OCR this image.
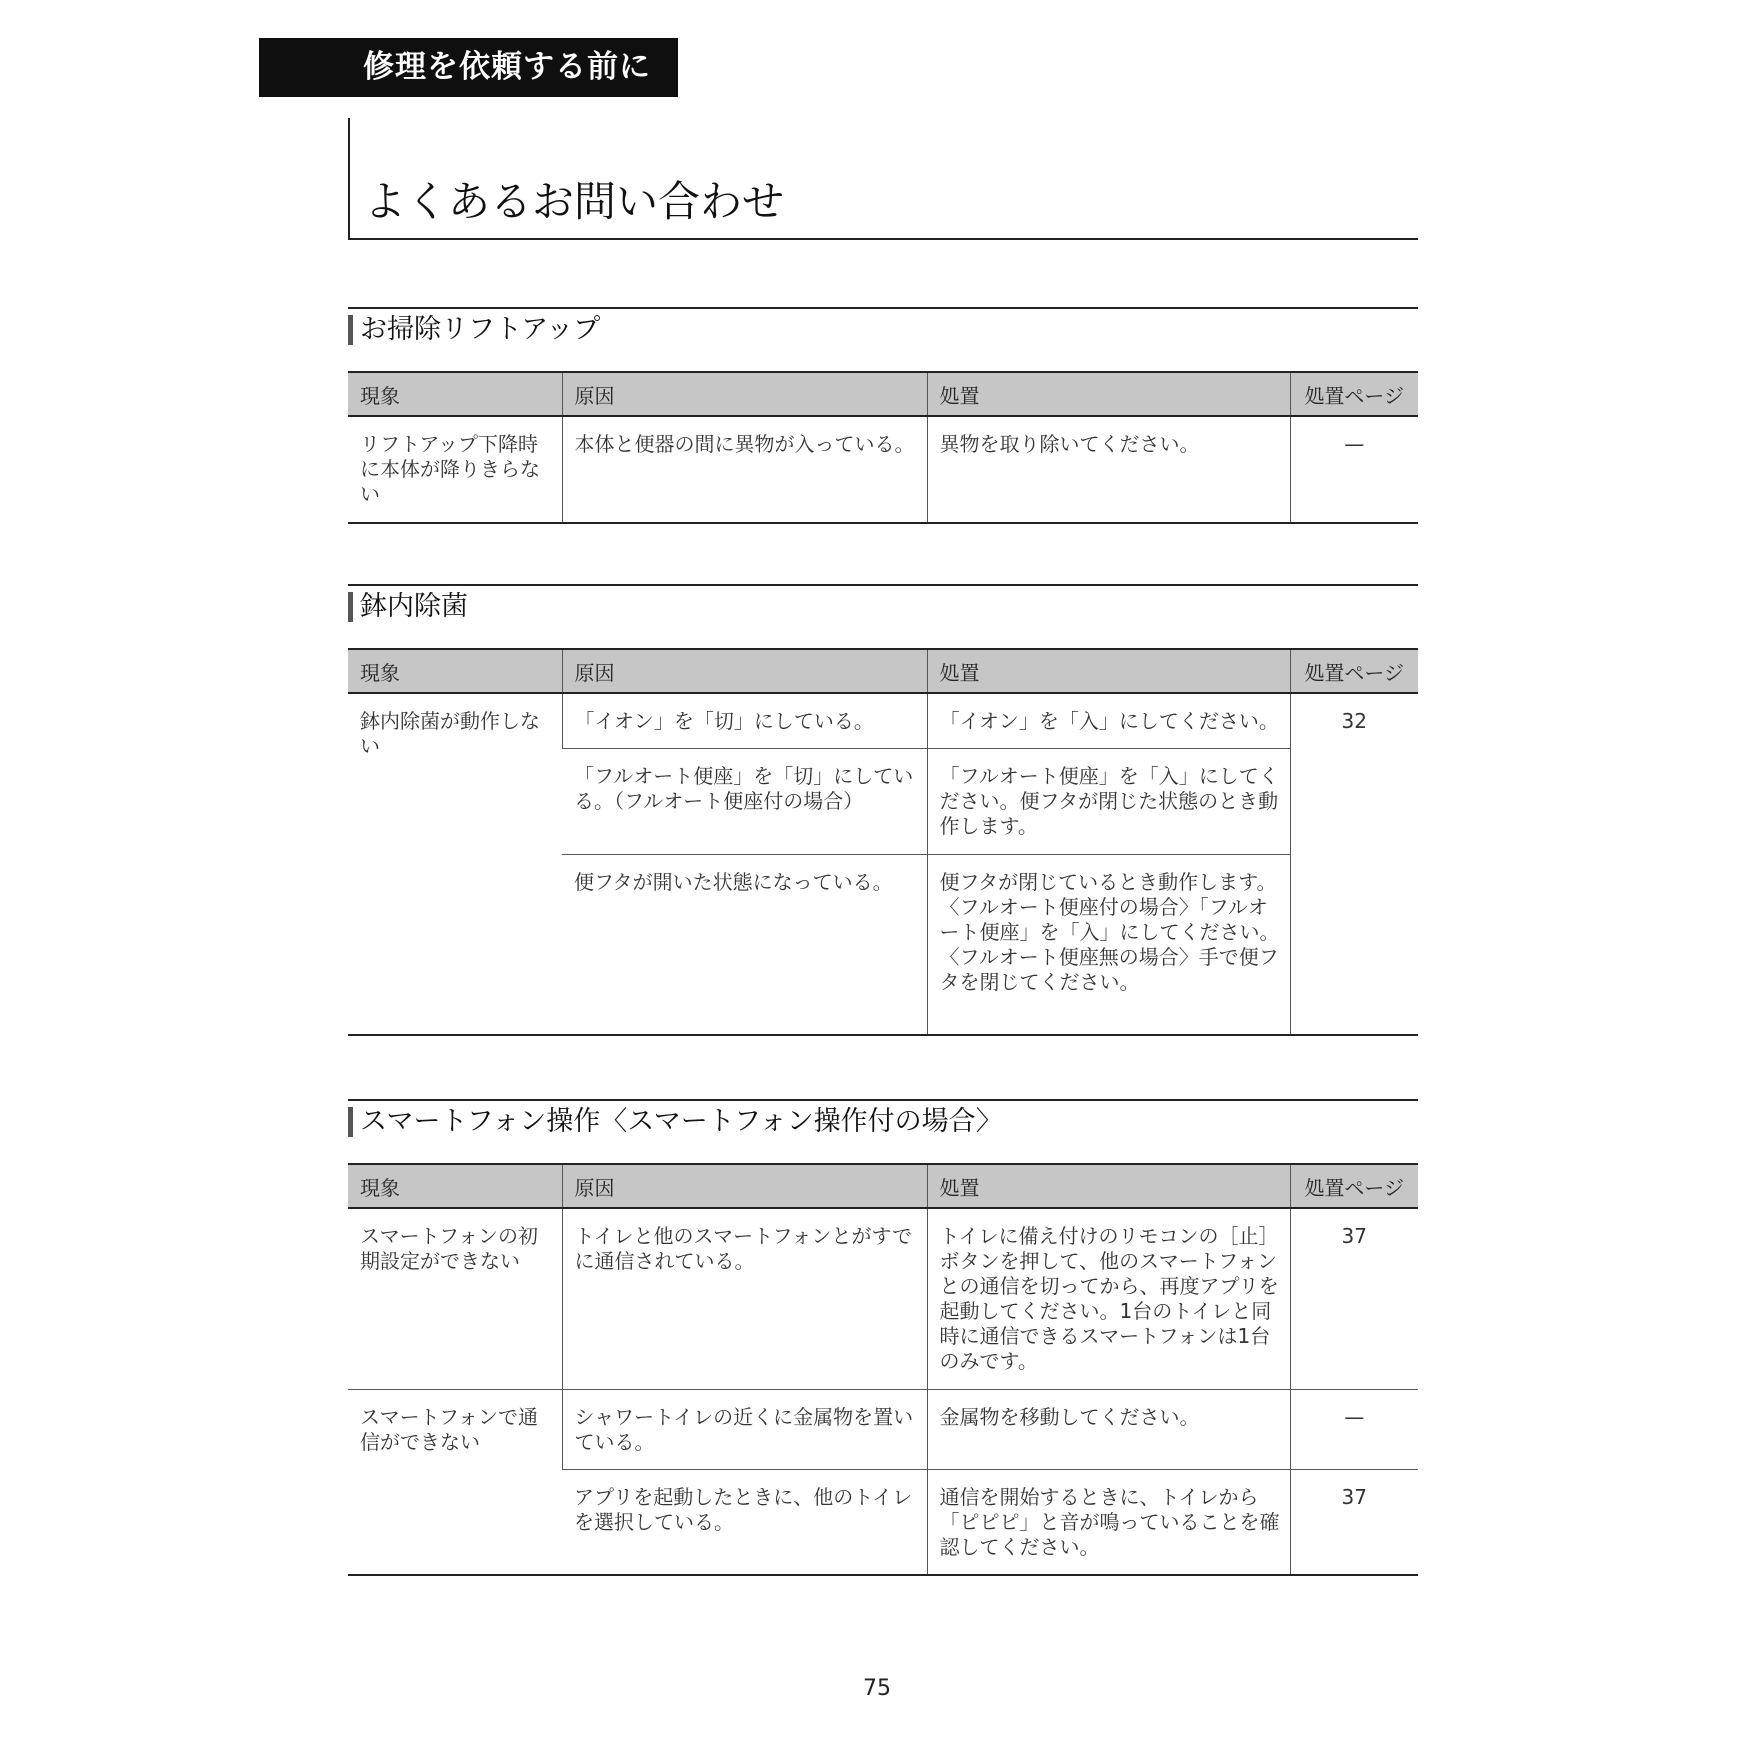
修理を依頼する前に
よくあるお問い合わせ
お掃除リフトアップ
現象	原因	処置	処置ページ
リフトアップ下降時に本体が降りきらない	本体と便器の間に異物が入っている。	異物を取り除いてください。	—
鉢内除菌
現象	原因	処置	処置ページ
鉢内除菌が動作しない	「イオン」を「切」にしている。	「イオン」を「入」にしてください。	32
	「フルオート便座」を「切」にしている。（フルオート便座付の場合）	「フルオート便座」を「入」にしてください。便フタが閉じた状態のとき動作します。	
	便フタが開いた状態になっている。	便フタが閉じているとき動作します。〈フルオート便座付の場合〉「フルオート便座」を「入」にしてください。〈フルオート便座無の場合〉手で便フタを閉じてください。	
スマートフォン操作〈スマートフォン操作付の場合〉
現象	原因	処置	処置ページ
スマートフォンの初期設定ができない	トイレと他のスマートフォンとがすでに通信されている。	トイレに備え付けのリモコンの［止］ボタンを押して、他のスマートフォンとの通信を切ってから、再度アプリを起動してください。1台のトイレと同時に通信できるスマートフォンは1台のみです。	37
スマートフォンで通信ができない	シャワートイレの近くに金属物を置いている。	金属物を移動してください。	—
	アプリを起動したときに、他のトイレを選択している。	通信を開始するときに、トイレから「ピピピ」と音が鳴っていることを確認してください。	37
75
